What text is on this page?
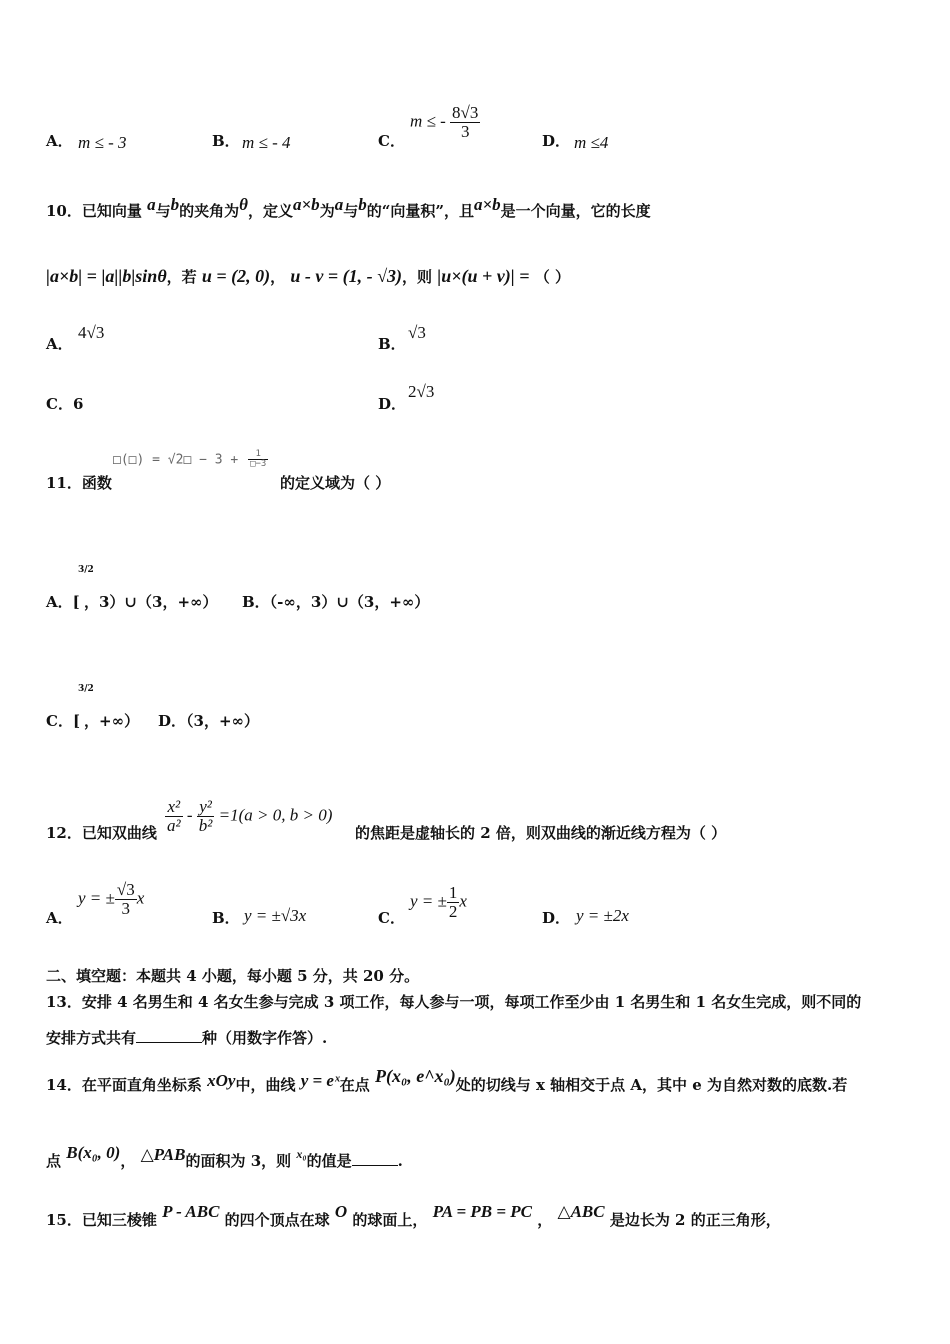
A． m ≤ - 3	B． m ≤ - 4	C．
m ≤ - $\frac{8√3}{3}$
D． m ≤4
10．已知向量 a与b的夹角为θ，定义a×b为a与b的“向量积”，且a×b是一个向量，它的长度
|a×b| = |a||b|sinθ，若 u = (2, 0)， u - v = (1, - √3)，则 |u×(u + v)| = （ ）
A．
4√3
B．
√3
C．6	D．
2√3
11．函数
□(□) = √2□ − $3 + \frac{1}{□-3}$
的定义域为（ ）
A．[
3/2
，3）∪（3，+∞） B．（-∞，3）∪（3，+∞）
C．[
3/2
，+∞） D．（3，+∞）
12．已知双曲线 $\frac{\text{x²}}{\text{a²}} - \frac{\text{y²}}{\text{b²}} =1(a > 0$, b > 0)
的焦距是虚轴长的 2 倍，则双曲线的渐近线方程为（ ）
A．
y = ± $\frac{√3}{3}$ x
B． y = ±√3x	C．
y = ± $\frac{1}{2}$ x
D． y = ±2x
二、填空题：本题共 4 小题，每小题 5 分，共 20 分。
13．安排 4 名男生和 4 名女生参与完成 3 项工作，每人参与一项，每项工作至少由 1 名男生和 1 名女生完成，则不同的
安排方式共有	种（用数字作答）.
14．在平面直角坐标系 xOy中，曲线 y = eˣ在点 P(x₀, e^x₀)处的切线与 x 轴相交于点 A，其中 e 为自然对数的底数.若
点 B(x₀, 0)， △PAB的面积为 3，则 $^{x_0}$的值是	.
15．已知三棱锥 P - ABC 的四个顶点在球 O 的球面上， PA = PB = PC ， △ABC 是边长为 2 的正三角形，
